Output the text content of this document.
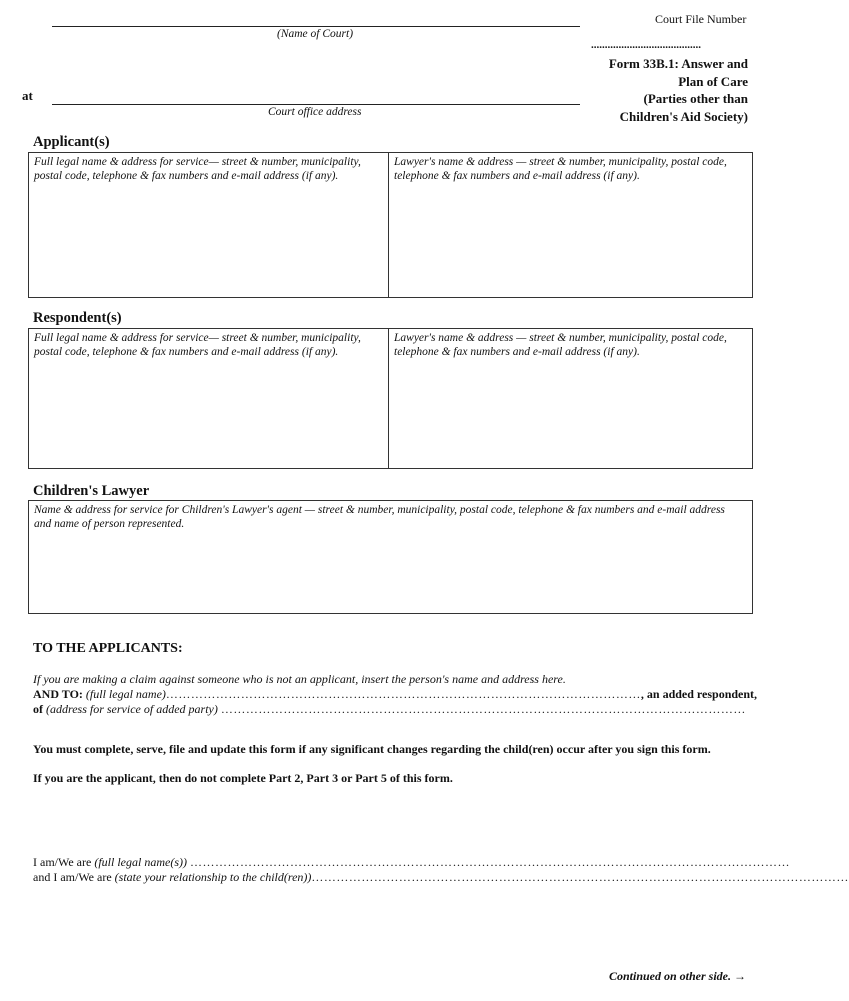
(Name of Court)
at
Court office address
Court File Number
........................................
Form 33B.1: Answer and
Plan of Care
(Parties other than
Children's Aid Society)
Applicant(s)
Full legal name & address for service— street & number, municipality, postal code, telephone & fax numbers and e-mail address (if any).
Lawyer's name & address — street & number, municipality, postal code, telephone & fax numbers and e-mail address (if any).
Respondent(s)
Full legal name & address for service— street & number, municipality, postal code, telephone & fax numbers and e-mail address (if any).
Lawyer's name & address — street & number, municipality, postal code, telephone & fax numbers and e-mail address (if any).
Children's Lawyer
Name & address for service for Children's Lawyer's agent — street & number, municipality, postal code, telephone & fax numbers and e-mail address and name of person represented.
TO THE APPLICANTS:
If you are making a claim against someone who is not an applicant, insert the person's name and address here.
AND TO: (full legal name)……………………………………………………………………………………………………, an added respondent,
of (address for service of added party) ………………………………………………………………………………………………………………
You must complete, serve, file and update this form if any significant changes regarding the child(ren) occur after you sign this form.
If you are the applicant, then do not complete Part 2, Part 3 or Part 5 of this form.
I am/We are (full legal name(s)) ………………………………………………………………………………………………………………………………
and I am/We are (state your relationship to the child(ren))…………………………………………………………………………………………………………………
Continued on other side. →
